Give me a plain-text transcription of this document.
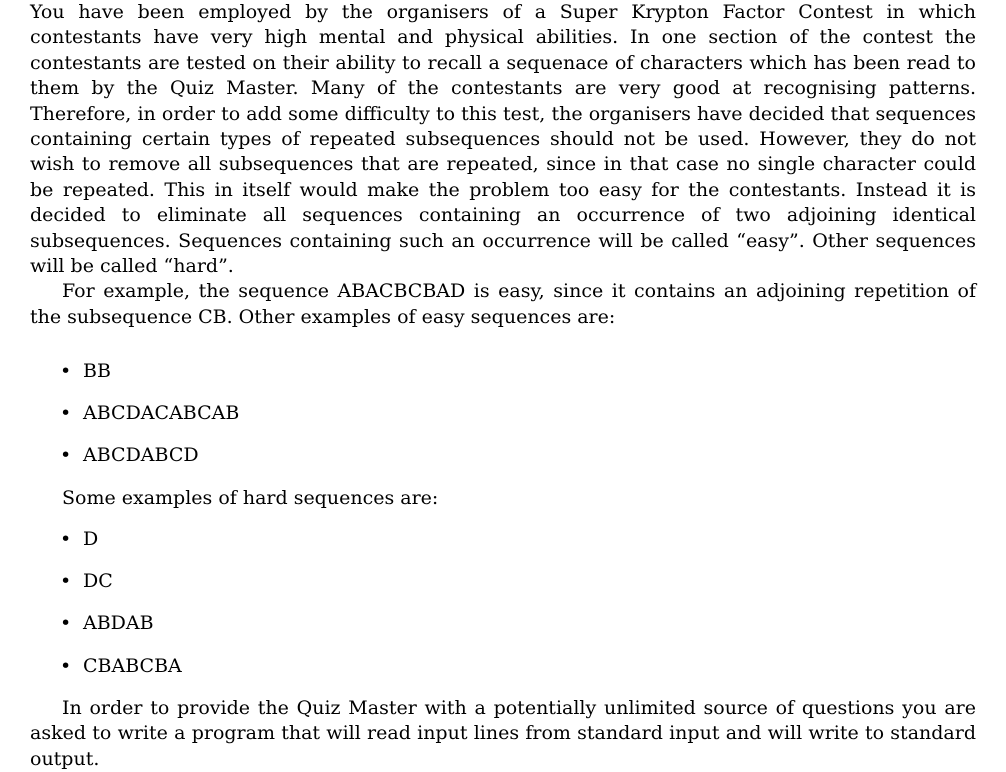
You have been employed by the organisers of a Super Krypton Factor Contest in which contestants have very high mental and physical abilities. In one section of the contest the contestants are tested on their ability to recall a sequenace of characters which has been read to them by the Quiz Master. Many of the contestants are very good at recognising patterns. Therefore, in order to add some difficulty to this test, the organisers have decided that sequences containing certain types of repeated subsequences should not be used. However, they do not wish to remove all subsequences that are repeated, since in that case no single character could be repeated. This in itself would make the problem too easy for the contestants. Instead it is decided to eliminate all sequences containing an occurrence of two adjoining identical subsequences. Sequences containing such an occurrence will be called “easy”. Other sequences will be called “hard”.

For example, the sequence ABACBCBAD is easy, since it contains an adjoining repetition of the subsequence CB. Other examples of easy sequences are:

• BB
• ABCDACABCAB
• ABCDABCD

Some examples of hard sequences are:

• D
• DC
• ABDAB
• CBABCBA

In order to provide the Quiz Master with a potentially unlimited source of questions you are asked to write a program that will read input lines from standard input and will write to standard output.
